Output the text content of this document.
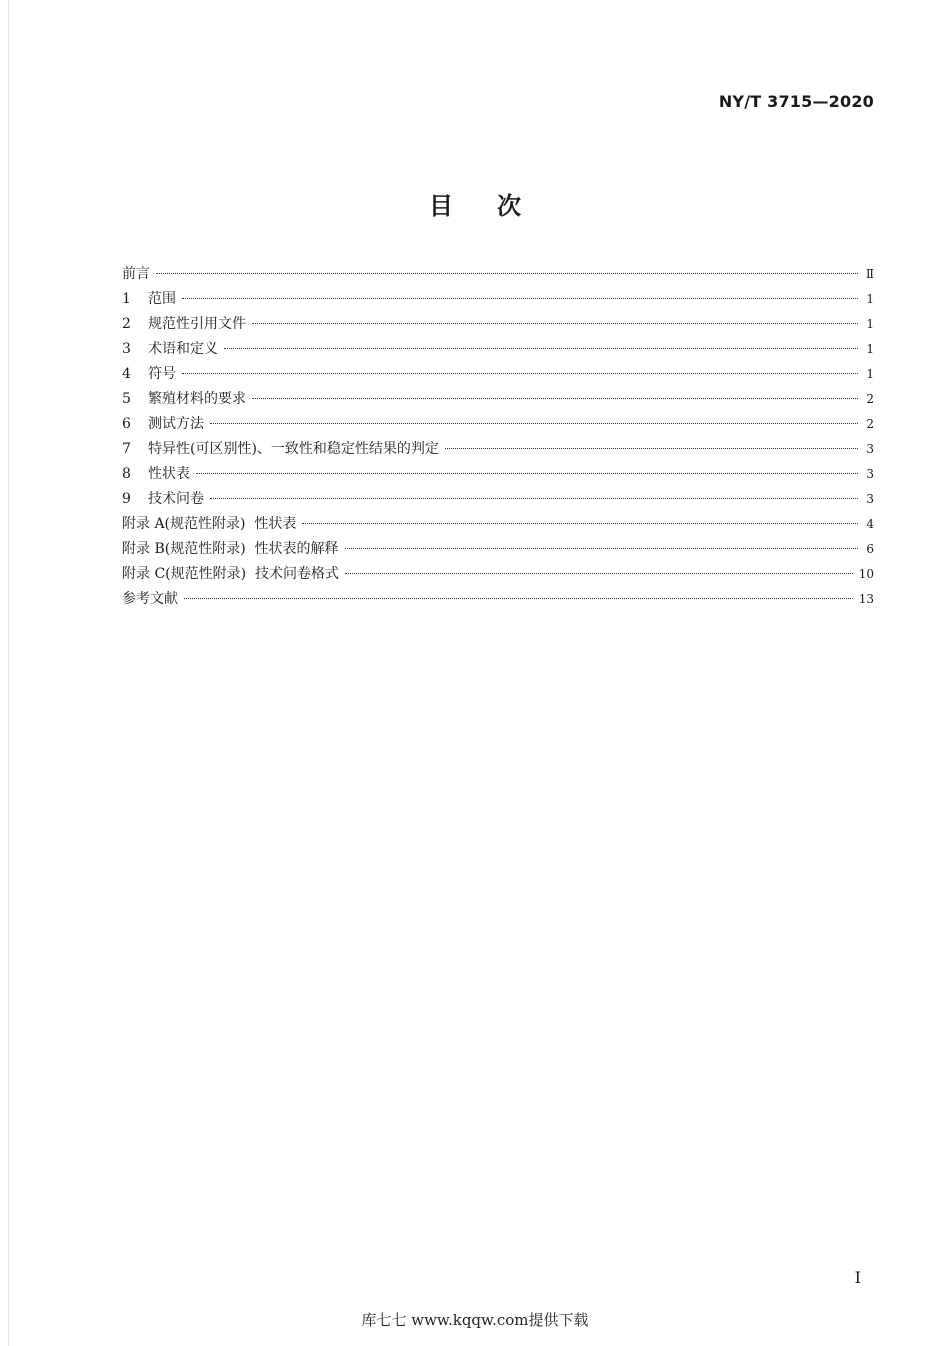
NY/T 3715—2020
目次
前言	Ⅱ
1	范围	1
2	规范性引用文件	1
3	术语和定义	1
4	符号	1
5	繁殖材料的要求	2
6	测试方法	2
7	特异性(可区别性)、一致性和稳定性结果的判定	3
8	性状表	3
9	技术问卷	3
附录 A(规范性附录)  性状表	4
附录 B(规范性附录)  性状表的解释	6
附录 C(规范性附录)  技术问卷格式	10
参考文献	13
I
库七七 www.kqqw.com提供下载
